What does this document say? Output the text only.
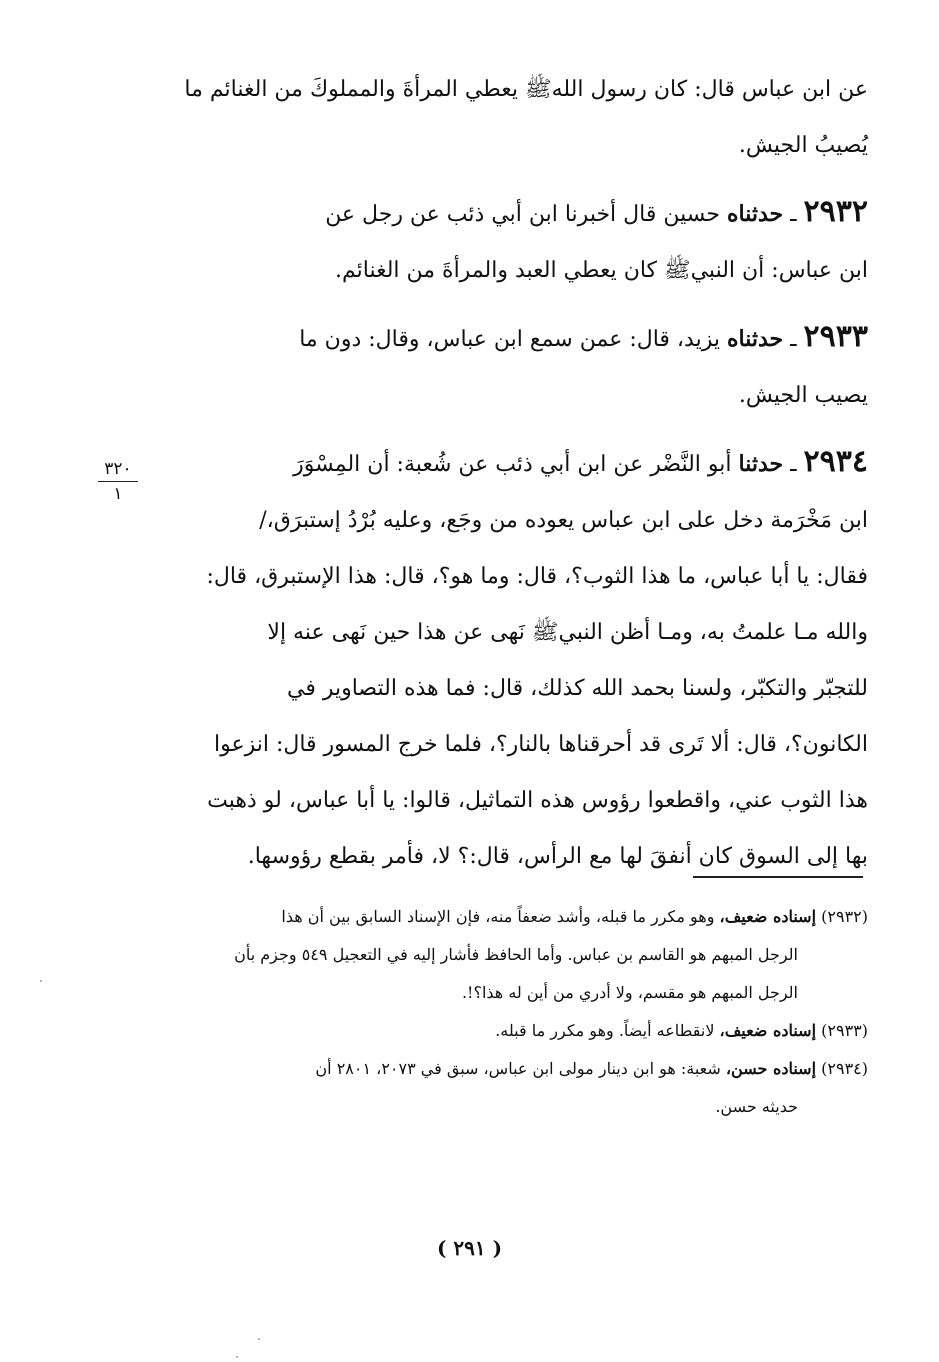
عن ابن عباس قال: كان رسول اللهﷺ يعطي المرأةَ والمملوكَ من الغنائم ما
يُصيبُ الجيش.

٢٩٣٢ ـ حدثناه حسين قال أخبرنا ابن أبي ذئب عن رجل عن
ابن عباس: أن النبيﷺ كان يعطي العبد والمرأةَ من الغنائم.

٢٩٣٣ ـ حدثناه يزيد، قال: عمن سمع ابن عباس، وقال: دون ما
يصيب الجيش.

٢٩٣٤ ـ حدثنا أبو النَّضْر عن ابن أبي ذئب عن شُعبة: أن المِسْوَرَ
ابن مَخْرَمة دخل على ابن عباس يعوده من وجَع، وعليه بُرْدُ إستبرَق،/
فقال: يا أبا عباس، ما هذا الثوب؟، قال: وما هو؟، قال: هذا الإستبرق، قال:
والله مـا علمتُ به، ومـا أظن النبيﷺ نَهى عن هذا حين نَهى عنه إلا
للتجبّر والتكبّر، ولسنا بحمد الله كذلك، قال: فما هذه التصاوير في
الكانون؟، قال: ألا تَرى قد أحرقناها بالنار؟، فلما خرج المسور قال: انزعوا
هذا الثوب عني، واقطعوا رؤوس هذه التماثيل، قالوا: يا أبا عباس، لو ذهبت
بها إلى السوق كان أنفقَ لها مع الرأس، قال:؟ لا، فأمر بقطع رؤوسها.

٣٢٠
١

(٢٩٣٢) إسناده ضعيف، وهو مكرر ما قبله، وأشد ضعفاً منه، فإن الإسناد السابق بين أن هذا

الرجل المبهم هو القاسم بن عباس. وأما الحافظ فأشار إليه في التعجيل ٥٤٩ وجزم بأن
الرجل المبهم هو مقسم، ولا أدري من أين له هذا؟!.

(٢٩٣٣) إسناده ضعيف، لانقطاعه أيضاً. وهو مكرر ما قبله.

(٢٩٣٤) إسناده حسن، شعبة: هو ابن دينار مولى ابن عباس، سبق في ٢٠٧٣، ٢٨٠١ أن

حديثه حسن.

( ٢٩١ )
